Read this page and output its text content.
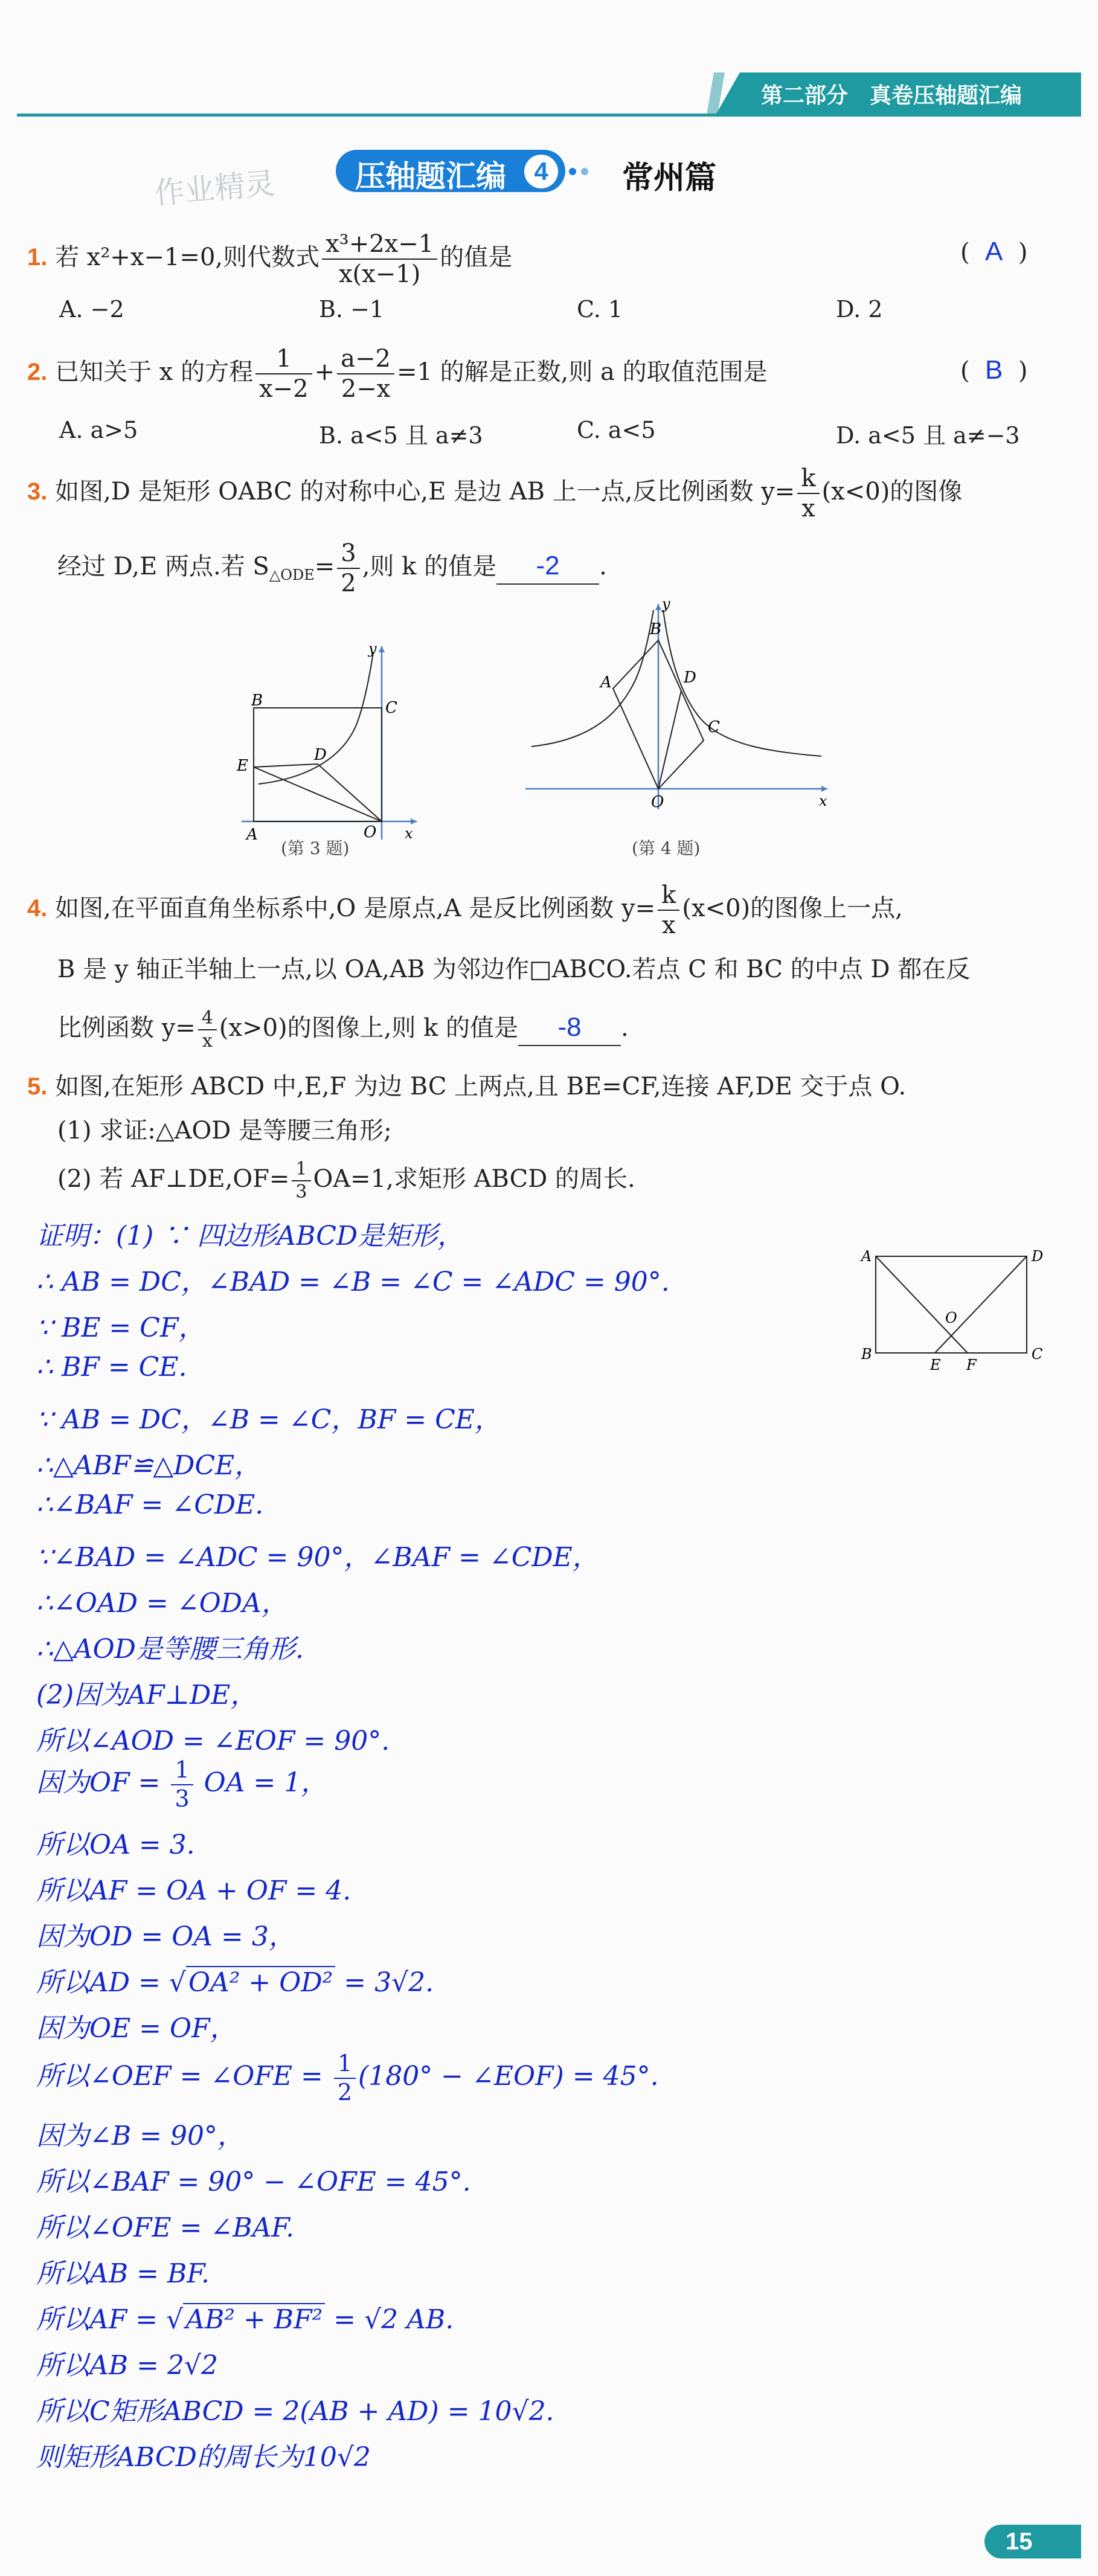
第二部分　真卷压轴题汇编
作业精灵	压轴题汇编	4	常州篇
1. 若 x²+x−1=0,则代数式 $\frac{\text{x³+2x−1}}{x(x-1)}$ 的值是	(  A  )
A. −2	B. −1	C. 1	D. 2
2. 已知关于 x 的方程 $\frac{1}{x-2} + \frac{a-2}{2-x} =1$ 的解是正数,则 a 的取值范围是	(  B  )
A. a>5	B. a<5 且 a≠3	C. a<5	D. a<5 且 a≠−3
3. 如图,D 是矩形 OABC 的对称中心,E 是边 AB 上一点,反比例函数 $y= \frac{k}{x} (x<0)$的图像
经过 D,E 两点.若 $S_{\triangle ODE}= \frac{3}{2}$ ,则 k 的值是 -2 .
B	C
E
D
A	O x
y
(第 3 题)
B
A	D
C
O	x
y
(第 4 题)
4. 如图,在平面直角坐标系中,O 是原点,A 是反比例函数 $y= \frac{k}{x} (x<0)$的图像上一点,
B 是 y 轴正半轴上一点,以 OA,AB 为邻边作□ABCO.若点 C 和 BC 的中点 D 都在反
比例函数 $y= \frac{4}{x} (x>0)$的图像上,则 k 的值是 -8 .
5. 如图,在矩形 ABCD 中,E,F 为边 BC 上两点,且 BE=CF,连接 AF,DE 交于点 O.
(1) 求证:△AOD 是等腰三角形;
(2) 若 AF⊥DE,OF= $\frac{1}{3} OA=1$,求矩形 ABCD 的周长.
A	D
O
B
E F
C
证明：(1) ∵ 四边形ABCD是矩形，
∴ AB = DC，∠BAD = ∠B = ∠C = ∠ADC = 90°.
∵ BE = CF，
∴ BF = CE.
∵ AB = DC，∠B = ∠C，BF = CE，
∴△ABF≌△DCE，
∴∠BAF = ∠CDE.
∵∠BAD = ∠ADC = 90°，∠BAF = ∠CDE，
∴∠OAD = ∠ODA，
∴△AOD是等腰三角形.
(2)因为AF⊥DE，
所以∠AOD = ∠EOF = 90°.
因为OF = $\frac{1}{3}$ OA = 1，
所以OA = 3.
所以AF = OA + OF = 4.
因为OD = OA = 3，
所以AD = √OA² + OD² = 3√2.
因为OE = OF，
所以∠OEF = ∠OFE = $\frac{1}{2} (180^\circ$ − ∠EOF) = 45°.
因为∠B = 90°，
所以∠BAF = 90° − ∠OFE = 45°.
所以∠OFE = ∠BAF.
所以AB = BF.
所以AF = √AB² + BF² = √2 AB.
所以AB = 2√2
所以C矩形ABCD = 2(AB + AD) = 10√2.
则矩形ABCD的周长为10√2
15
